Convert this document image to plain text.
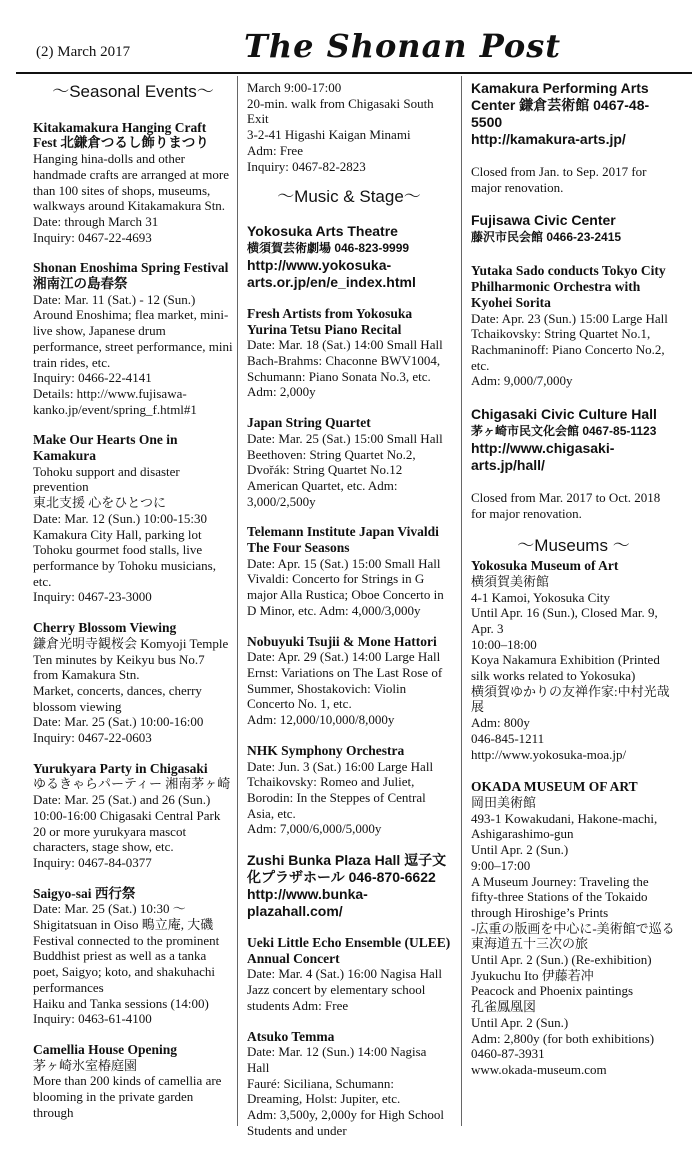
(2) March 2017	The Shonan Post
～Seasonal Events～
Kitakamakura Hanging Craft Fest 北鎌倉つるし飾りまつり
Hanging hina-dolls and other handmade crafts are arranged at more than 100 sites of shops, museums, walkways around Kitakamakura Stn.
Date: through March 31
Inquiry: 0467-22-4693
Shonan Enoshima Spring Festival 湘南江の島春祭
Date: Mar. 11 (Sat.) - 12 (Sun.)
Around Enoshima; flea market, mini-live show, Japanese drum performance, street performance, mini train rides, etc.
Inquiry: 0466-22-4141
Details: http://www.fujisawa-kanko.jp/event/spring_f.html#1
Make Our Hearts One in Kamakura
Tohoku support and disaster prevention
東北支援 心をひとつに
Date: Mar. 12 (Sun.) 10:00-15:30
Kamakura City Hall, parking lot
Tohoku gourmet food stalls, live performance by Tohoku musicians, etc.
Inquiry: 0467-23-3000
Cherry Blossom Viewing
鎌倉光明寺観桜会 Komyoji Temple
Ten minutes by Keikyu bus No.7 from Kamakura Stn.
Market, concerts, dances, cherry blossom viewing
Date: Mar. 25 (Sat.) 10:00-16:00
Inquiry: 0467-22-0603
Yurukyara Party in Chigasaki
ゆるきゃらパーティー 湘南茅ヶ崎
Date: Mar. 25 (Sat.) and 26 (Sun.)
10:00-16:00 Chigasaki Central Park
20 or more yurukyara mascot characters, stage show, etc.
Inquiry: 0467-84-0377
Saigyo-sai 西行祭
Date: Mar. 25 (Sat.) 10:30 ～
Shigitatsuan in Oiso 鴫立庵, 大磯
Festival connected to the prominent Buddhist priest as well as a tanka poet, Saigyo; koto, and shakuhachi performances
Haiku and Tanka sessions (14:00)
Inquiry: 0463-61-4100
Camellia House Opening
茅ヶ崎氷室椿庭園
More than 200 kinds of camellia are blooming in the private garden through
March 9:00-17:00
20-min. walk from Chigasaki South Exit
3-2-41 Higashi Kaigan Minami
Adm: Free
Inquiry: 0467-82-2823
～Music & Stage～
Yokosuka Arts Theatre
横須賀芸術劇場 046-823-9999
http://www.yokosuka-arts.or.jp/en/e_index.html
Fresh Artists from Yokosuka Yurina Tetsu Piano Recital
Date: Mar. 18 (Sat.) 14:00 Small Hall
Bach-Brahms: Chaconne BWV1004, Schumann: Piano Sonata No.3, etc.
Adm: 2,000y
Japan String Quartet
Date: Mar. 25 (Sat.) 15:00 Small Hall
Beethoven: String Quartet No.2, Dvořák: String Quartet No.12 American Quartet, etc. Adm: 3,000/2,500y
Telemann Institute Japan Vivaldi The Four Seasons
Date: Apr. 15 (Sat.) 15:00 Small Hall
Vivaldi: Concerto for Strings in G major Alla Rustica; Oboe Concerto in D Minor, etc. Adm: 4,000/3,000y
Nobuyuki Tsujii & Mone Hattori
Date: Apr. 29 (Sat.) 14:00 Large Hall
Ernst: Variations on The Last Rose of Summer, Shostakovich: Violin Concerto No. 1, etc.
Adm: 12,000/10,000/8,000y
NHK Symphony Orchestra
Date: Jun. 3 (Sat.) 16:00 Large Hall
Tchaikovsky: Romeo and Juliet, Borodin: In the Steppes of Central Asia, etc.
Adm: 7,000/6,000/5,000y
Zushi Bunka Plaza Hall 逗子文化プラザホール 046-870-6622
http://www.bunka-plazahall.com/
Ueki Little Echo Ensemble (ULEE) Annual Concert
Date: Mar. 4 (Sat.) 16:00 Nagisa Hall
Jazz concert by elementary school students Adm: Free
Atsuko Temma
Date: Mar. 12 (Sun.) 14:00 Nagisa Hall
Fauré: Siciliana, Schumann: Dreaming, Holst: Jupiter, etc.
Adm: 3,500y, 2,000y for High School Students and under
Kamakura Performing Arts Center 鎌倉芸術館 0467-48-5500
http://kamakura-arts.jp/
Closed from Jan. to Sep. 2017 for major renovation.
Fujisawa Civic Center
藤沢市民会館 0466-23-2415
Yutaka Sado conducts Tokyo City Philharmonic Orchestra with Kyohei Sorita
Date: Apr. 23 (Sun.) 15:00 Large Hall
Tchaikovsky: String Quartet No.1, Rachmaninoff: Piano Concerto No.2, etc.
Adm: 9,000/7,000y
Chigasaki Civic Culture Hall
茅ヶ崎市民文化会館 0467-85-1123
http://www.chigasaki-arts.jp/hall/
Closed from Mar. 2017 to Oct. 2018 for major renovation.
～Museums ～
Yokosuka Museum of Art
横須賀美術館
4-1 Kamoi, Yokosuka City
Until Apr. 16 (Sun.), Closed Mar. 9, Apr. 3
10:00–18:00
Koya Nakamura Exhibition (Printed silk works related to Yokosuka)
横須賀ゆかりの友禅作家:中村光哉展
Adm: 800y
046-845-1211
http://www.yokosuka-moa.jp/
OKADA MUSEUM OF ART
岡田美術館
493-1 Kowakudani, Hakone-machi, Ashigarashimo-gun
Until Apr. 2 (Sun.)
9:00–17:00
A Museum Journey: Traveling the fifty-three Stations of the Tokaido through Hiroshige’s Prints
-広重の版画を中心に-美術館で巡る東海道五十三次の旅
Until Apr. 2 (Sun.) (Re-exhibition)
Jyukuchu Ito 伊藤若冲
Peacock and Phoenix paintings
孔雀鳳凰図
Until Apr. 2 (Sun.)
Adm: 2,800y (for both exhibitions)
0460-87-3931
www.okada-museum.com
